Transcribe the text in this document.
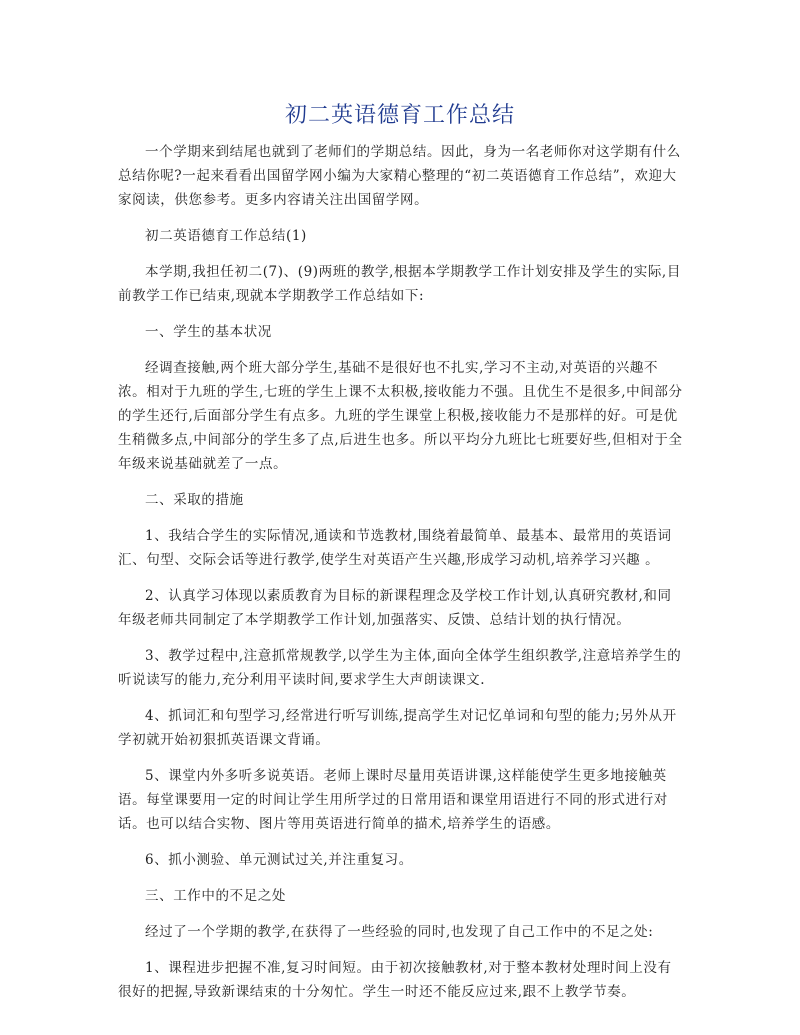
初二英语德育工作总结

一个学期来到结尾也就到了老师们的学期总结。因此，身为一名老师你对这学期有什么总结你呢?一起来看看出国留学网小编为大家精心整理的“初二英语德育工作总结”，欢迎大家阅读，供您参考。更多内容请关注出国留学网。

初二英语德育工作总结(1)

本学期,我担任初二(7)、(9)两班的教学,根据本学期教学工作计划安排及学生的实际,目前教学工作已结束,现就本学期教学工作总结如下:

一、学生的基本状况

经调查接触,两个班大部分学生,基础不是很好也不扎实,学习不主动,对英语的兴趣不浓。相对于九班的学生,七班的学生上课不太积极,接收能力不强。且优生不是很多,中间部分的学生还行,后面部分学生有点多。九班的学生课堂上积极,接收能力不是那样的好。可是优生稍微多点,中间部分的学生多了点,后进生也多。所以平均分九班比七班要好些,但相对于全年级来说基础就差了一点。

二、采取的措施

1、我结合学生的实际情况,通读和节选教材,围绕着最简单、最基本、最常用的英语词汇、句型、交际会话等进行教学,使学生对英语产生兴趣,形成学习动机,培养学习兴趣 。

2、认真学习体现以素质教育为目标的新课程理念及学校工作计划,认真研究教材,和同年级老师共同制定了本学期教学工作计划,加强落实、反馈、总结计划的执行情况。

3、教学过程中,注意抓常规教学,以学生为主体,面向全体学生组织教学,注意培养学生的听说读写的能力,充分利用平读时间,要求学生大声朗读课文.

4、抓词汇和句型学习,经常进行听写训练,提高学生对记忆单词和句型的能力;另外从开学初就开始初狠抓英语课文背诵。

5、课堂内外多听多说英语。老师上课时尽量用英语讲课,这样能使学生更多地接触英语。每堂课要用一定的时间让学生用所学过的日常用语和课堂用语进行不同的形式进行对话。也可以结合实物、图片等用英语进行简单的描术,培养学生的语感。

6、抓小测验、单元测试过关,并注重复习。

三、工作中的不足之处

经过了一个学期的教学,在获得了一些经验的同时,也发现了自己工作中的不足之处:

1、课程进步把握不准,复习时间短。由于初次接触教材,对于整本教材处理时间上没有很好的把握,导致新课结束的十分匆忙。学生一时还不能反应过来,跟不上教学节奏。
